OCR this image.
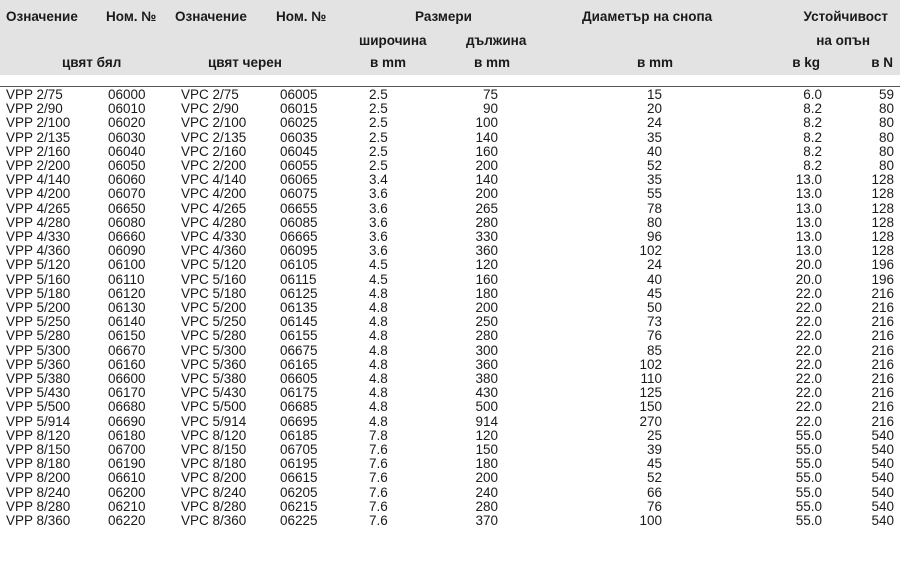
Означение Ном. № Означение Ном. №	Размери	Диаметър на снопа	Устойчивост
широчина	дължина	на опън
цвят бял	цвят черен	в mm	в mm	в mm	в kg	в N
VPP 2/75	06000	VPC 2/75	06005	2.5	75	15	6.0	59
VPP 2/90	06010	VPC 2/90	06015	2.5	90	20	8.2	80
VPP 2/100	06020	VPC 2/100 06025	2.5	100	24	8.2	80
VPP 2/135	06030	VPC 2/135 06035	2.5	140	35	8.2	80
VPP 2/160	06040	VPC 2/160 06045	2.5	160	40	8.2	80
VPP 2/200	06050	VPC 2/200 06055	2.5	200	52	8.2	80
VPP 4/140	06060	VPC 4/140 06065	3.4	140	35	13.0	128
VPP 4/200	06070	VPC 4/200 06075	3.6	200	55	13.0	128
VPP 4/265	06650	VPC 4/265 06655	3.6	265	78	13.0	128
VPP 4/280	06080	VPC 4/280 06085	3.6	280	80	13.0	128
VPP 4/330	06660	VPC 4/330 06665	3.6	330	96	13.0	128
VPP 4/360	06090	VPC 4/360 06095	3.6	360	102	13.0	128
VPP 5/120	06100	VPC 5/120 06105	4.5	120	24	20.0	196
VPP 5/160	06110	VPC 5/160 06115	4.5	160	40	20.0	196
VPP 5/180	06120	VPC 5/180 06125	4.8	180	45	22.0	216
VPP 5/200	06130	VPC 5/200 06135	4.8	200	50	22.0	216
VPP 5/250	06140	VPC 5/250 06145	4.8	250	73	22.0	216
VPP 5/280	06150	VPC 5/280 06155	4.8	280	76	22.0	216
VPP 5/300	06670	VPC 5/300 06675	4.8	300	85	22.0	216
VPP 5/360	06160	VPC 5/360 06165	4.8	360	102	22.0	216
VPP 5/380	06600	VPC 5/380 06605	4.8	380	110	22.0	216
VPP 5/430	06170	VPC 5/430 06175	4.8	430	125	22.0	216
VPP 5/500	06680	VPC 5/500 06685	4.8	500	150	22.0	216
VPP 5/914	06690	VPC 5/914 06695	4.8	914	270	22.0	216
VPP 8/120	06180	VPC 8/120 06185	7.8	120	25	55.0	540
VPP 8/150	06700	VPC 8/150 06705	7.6	150	39	55.0	540
VPP 8/180	06190	VPC 8/180 06195	7.6	180	45	55.0	540
VPP 8/200	06610	VPC 8/200 06615	7.6	200	52	55.0	540
VPP 8/240	06200	VPC 8/240 06205	7.6	240	66	55.0	540
VPP 8/280	06210	VPC 8/280 06215	7.6	280	76	55.0	540
VPP 8/360	06220	VPC 8/360 06225	7.6	370	100	55.0	540
